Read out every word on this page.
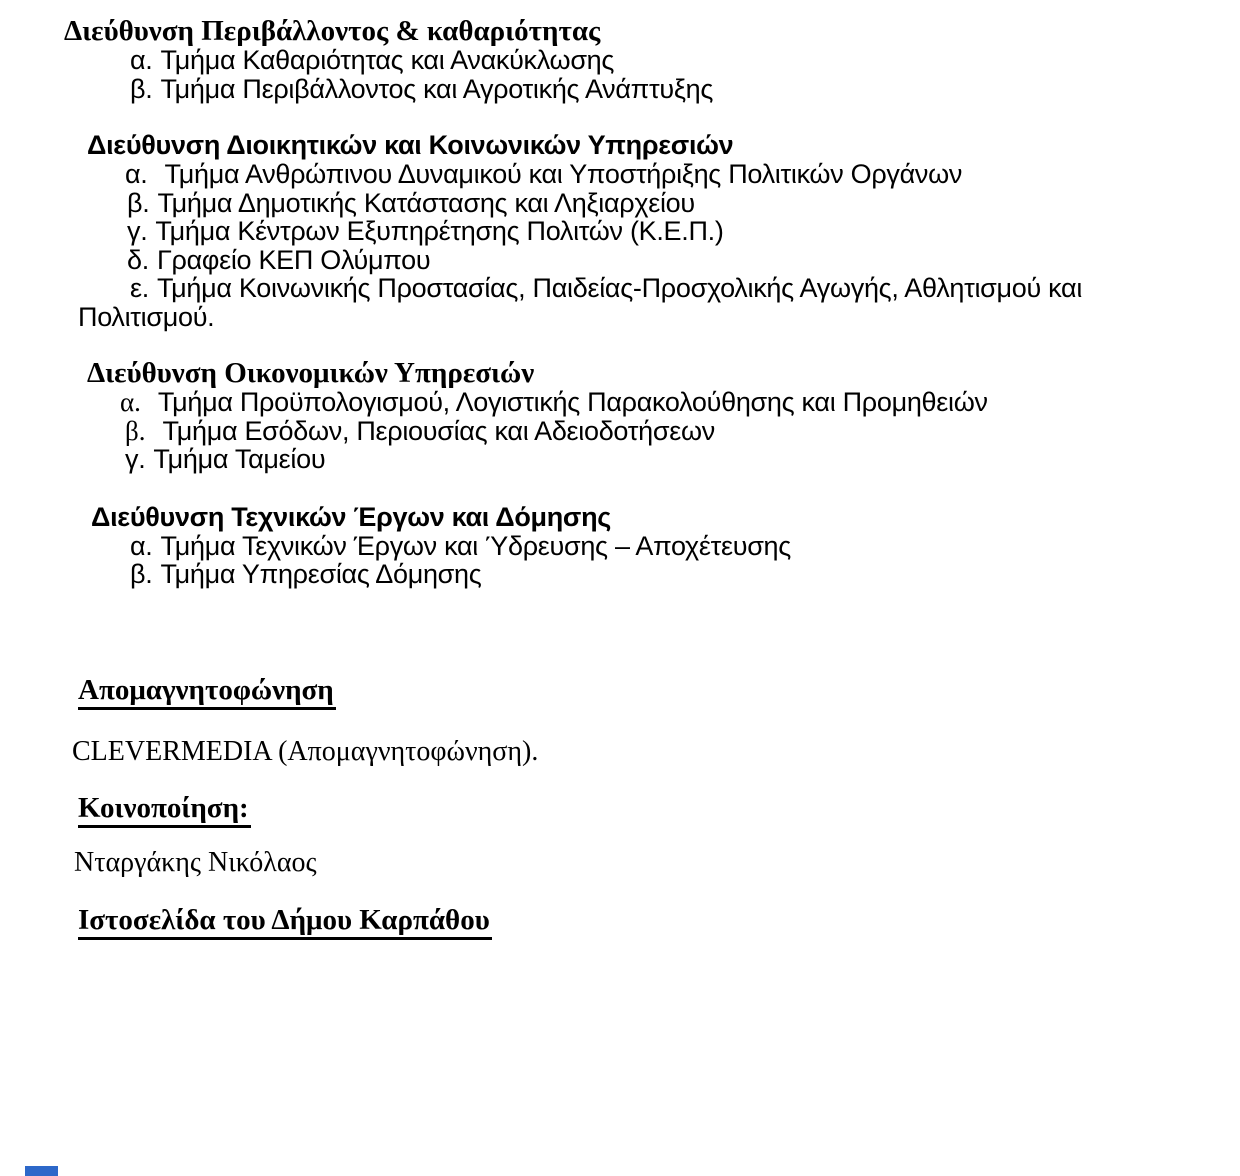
Διεύθυνση Περιβάλλοντος & καθαριότητας
α. Τμήμα Καθαριότητας και Ανακύκλωσης
β. Τμήμα Περιβάλλοντος και Αγροτικής Ανάπτυξης
Διεύθυνση Διοικητικών και Κοινωνικών Υπηρεσιών
α. Τμήμα Ανθρώπινου Δυναμικού και Υποστήριξης Πολιτικών Οργάνων
β. Τμήμα Δημοτικής Κατάστασης και Ληξιαρχείου
γ. Τμήμα Κέντρων Εξυπηρέτησης Πολιτών (Κ.Ε.Π.)
δ. Γραφείο ΚΕΠ Ολύμπου
ε. Τμήμα Κοινωνικής Προστασίας, Παιδείας-Προσχολικής Αγωγής, Αθλητισμού και
Πολιτισμού.
Διεύθυνση Οικονομικών Υπηρεσιών
α. Τμήμα Προϋπολογισμού, Λογιστικής Παρακολούθησης και Προμηθειών
β. Τμήμα Εσόδων, Περιουσίας και Αδειοδοτήσεων
γ. Τμήμα Ταμείου
Διεύθυνση Τεχνικών Έργων και Δόμησης
α. Τμήμα Τεχνικών Έργων και Ύδρευσης – Αποχέτευσης
β. Τμήμα Υπηρεσίας Δόμησης
Απομαγνητοφώνηση
CLEVERMEDIA (Απομαγνητοφώνηση).
Κοινοποίηση:
Νταργάκης Νικόλαος
Ιστοσελίδα του Δήμου Καρπάθου
